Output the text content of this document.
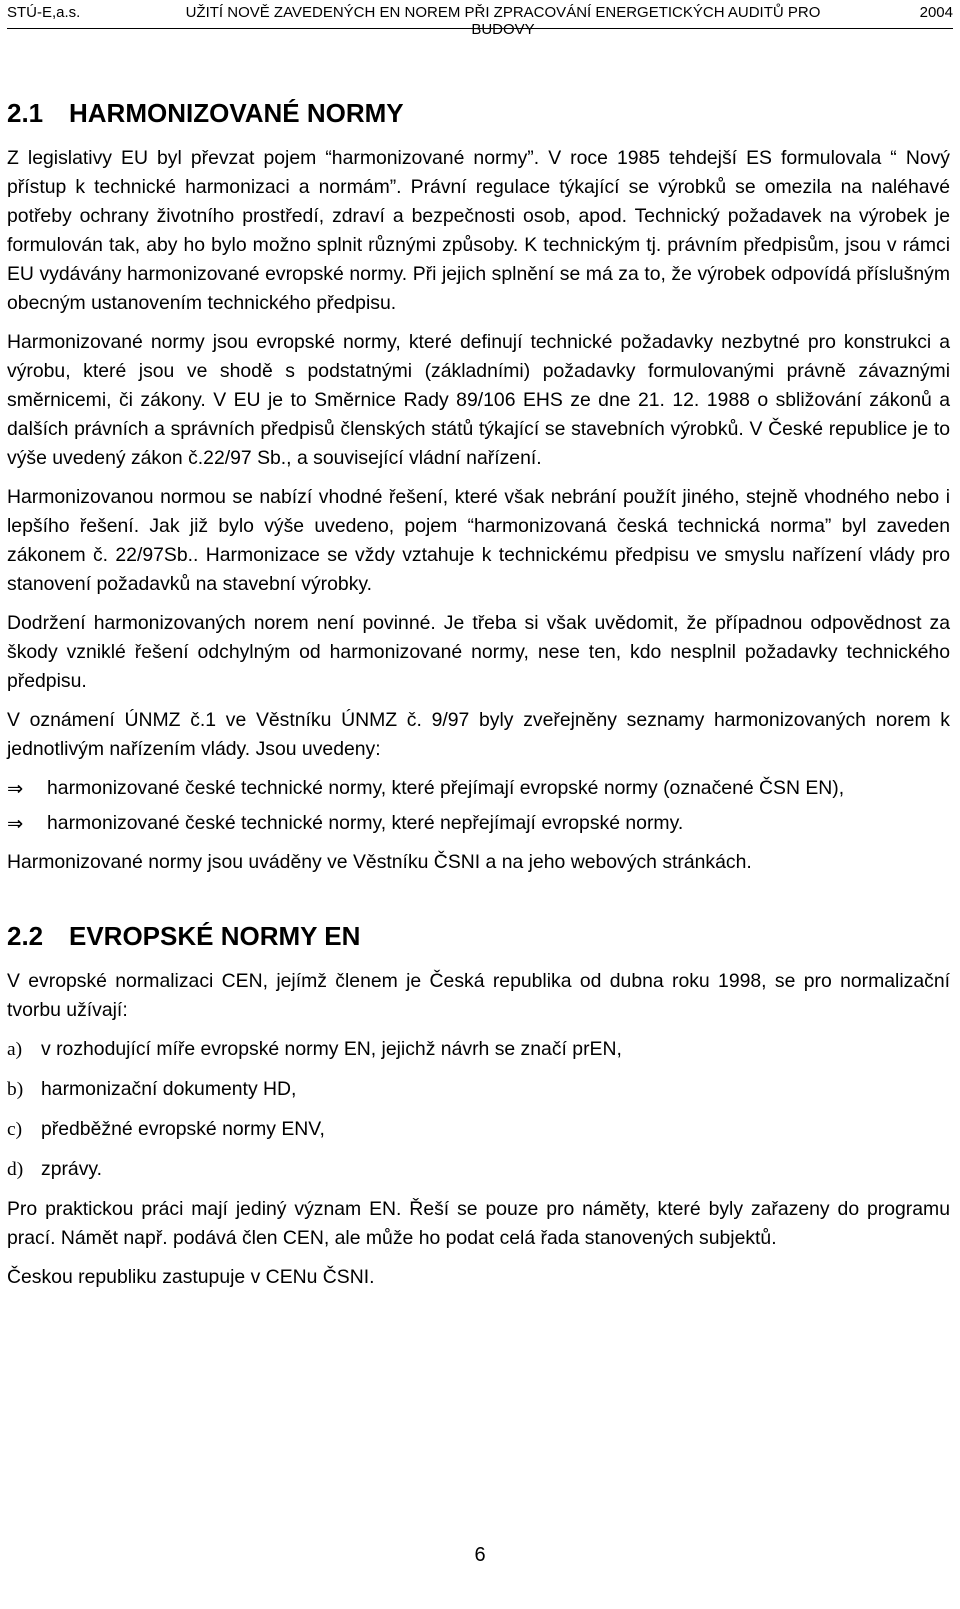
STÚ-E,a.s.	UŽITÍ NOVĚ ZAVEDENÝCH EN NOREM PŘI ZPRACOVÁNÍ ENERGETICKÝCH AUDITŮ PRO BUDOVY
2004
2.1 HARMONIZOVANÉ NORMY

Z legislativy EU byl převzat pojem “harmonizované normy”. V roce 1985 tehdejší ES formulovala “ Nový přístup k technické harmonizaci a normám”. Právní regulace týkající se výrobků se omezila na naléhavé potřeby ochrany životního prostředí, zdraví a bezpečnosti osob, apod. Technický požadavek na výrobek je formulován tak, aby ho bylo možno splnit různými způsoby. K technickým tj. právním předpisům, jsou v rámci EU vydávány harmonizované evropské normy. Při jejich splnění se má za to, že výrobek odpovídá příslušným obecným ustanovením technického předpisu.

Harmonizované normy jsou evropské normy, které definují technické požadavky nezbytné pro konstrukci a výrobu, které jsou ve shodě s podstatnými (základními) požadavky formulovanými právně závaznými směrnicemi, či zákony. V EU je to Směrnice Rady 89/106 EHS ze dne 21. 12. 1988 o sbližování zákonů a dalších právních a správních předpisů členských států týkající se stavebních výrobků. V České republice je to výše uvedený zákon č.22/97 Sb., a související vládní nařízení.

Harmonizovanou normou se nabízí vhodné řešení, které však nebrání použít jiného, stejně vhodného nebo i lepšího řešení. Jak již bylo výše uvedeno, pojem “harmonizovaná česká technická norma” byl zaveden zákonem č. 22/97Sb.. Harmonizace se vždy vztahuje k technickému předpisu ve smyslu nařízení vlády pro stanovení požadavků na stavební výrobky.

Dodržení harmonizovaných norem není povinné. Je třeba si však uvědomit, že případnou odpovědnost za škody vzniklé řešení odchylným od harmonizované normy, nese ten, kdo nesplnil požadavky technického předpisu.

V oznámení ÚNMZ č.1 ve Věstníku ÚNMZ č. 9/97 byly zveřejněny seznamy harmonizovaných norem k jednotlivým nařízením vlády. Jsou uvedeny:

⇒ harmonizované české technické normy, které přejímají evropské normy (označené ČSN EN),
⇒ harmonizované české technické normy, které nepřejímají evropské normy.

Harmonizované normy jsou uváděny ve Věstníku ČSNI a na jeho webových stránkách.

2.2 EVROPSKÉ NORMY EN

V evropské normalizaci CEN, jejímž členem je Česká republika od dubna roku 1998, se pro normalizační tvorbu užívají:

a) v rozhodující míře evropské normy EN, jejichž návrh se značí prEN,
b) harmonizační dokumenty HD,
c) předběžné evropské normy ENV,
d) zprávy.

Pro praktickou práci mají jediný význam EN. Řeší se pouze pro náměty, které byly zařazeny do programu prací. Námět např. podává člen CEN, ale může ho podat celá řada stanovených subjektů.

Českou republiku zastupuje v CENu ČSNI.

6
